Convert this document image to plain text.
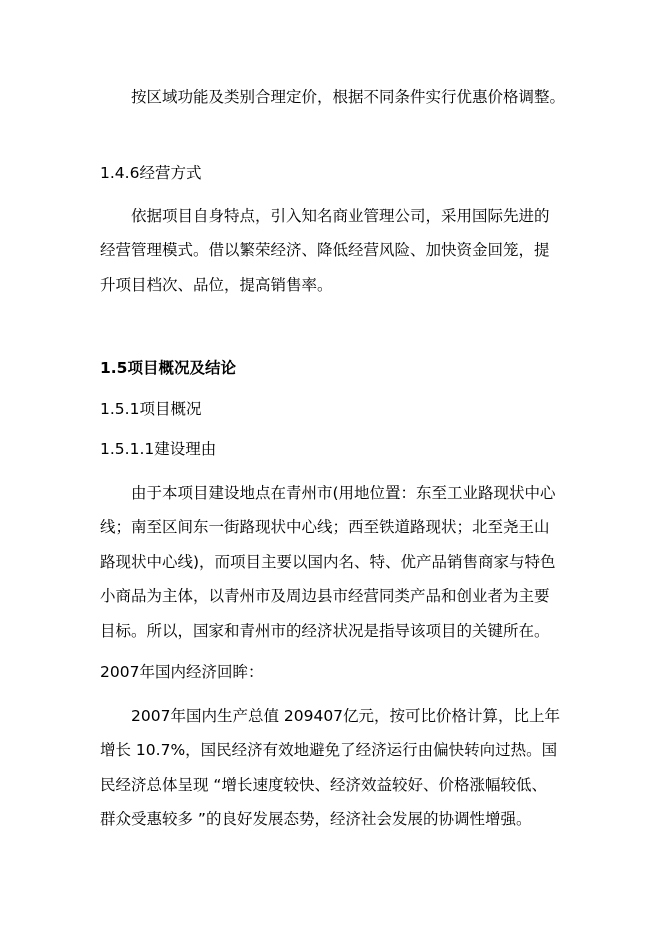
按区域功能及类别合理定价，根据不同条件实行优惠价格调整。
1.4.6经营方式
依据项目自身特点，引入知名商业管理公司，采用国际先进的
经营管理模式。借以繁荣经济、降低经营风险、加快资金回笼，提
升项目档次、品位，提高销售率。
1.5项目概况及结论
1.5.1项目概况
1.5.1.1建设理由
由于本项目建设地点在青州市(用地位置：东至工业路现状中心
线；南至区间东一街路现状中心线；西至铁道路现状；北至尧王山
路现状中心线)，而项目主要以国内名、特、优产品销售商家与特色
小商品为主体，以青州市及周边县市经营同类产品和创业者为主要
目标。所以，国家和青州市的经济状况是指导该项目的关键所在。
2007年国内经济回眸：
2007年国内生产总值 209407亿元，按可比价格计算，比上年
增长 10.7%，国民经济有效地避免了经济运行由偏快转向过热。国
民经济总体呈现 “增长速度较快、经济效益较好、价格涨幅较低、
群众受惠较多 ”的良好发展态势，经济社会发展的协调性增强。
